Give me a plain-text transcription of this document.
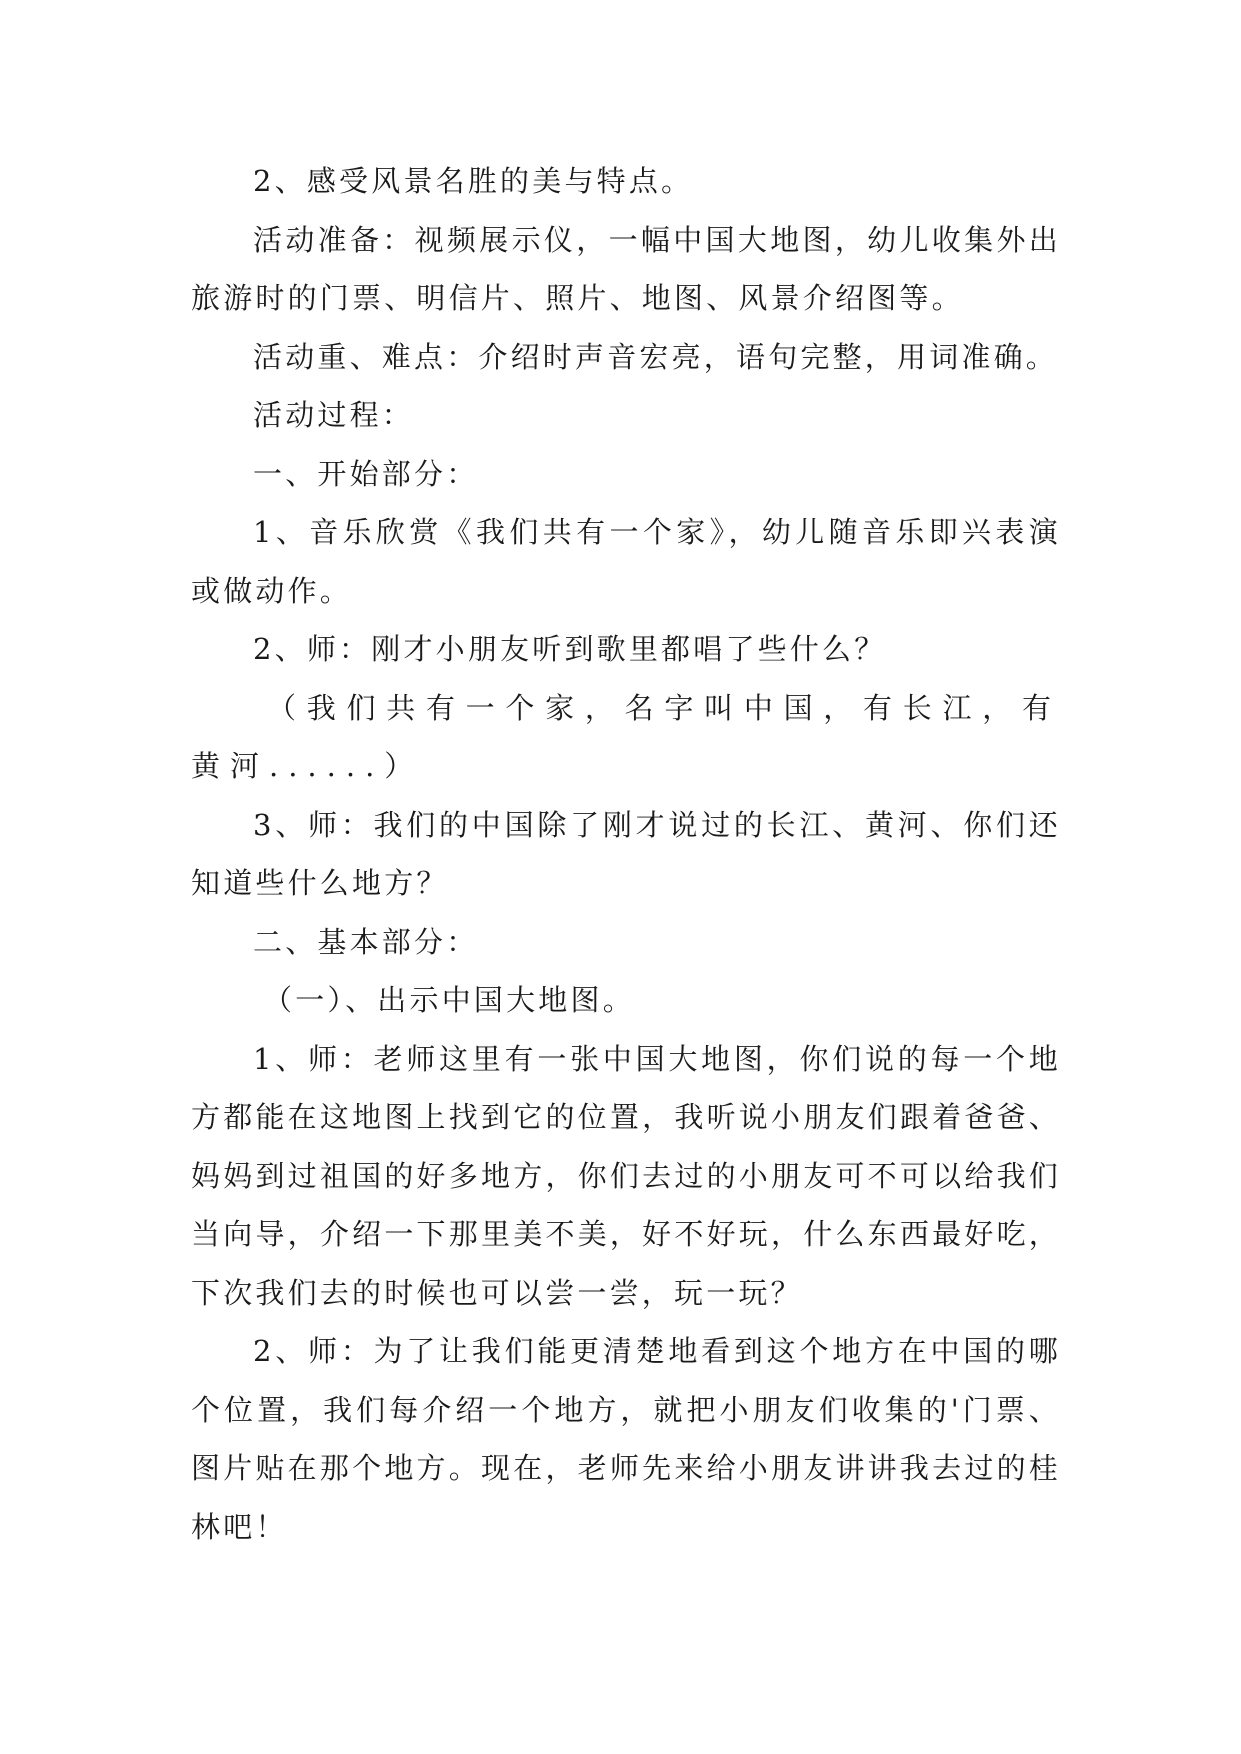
2、感受风景名胜的美与特点。

活动准备：视频展示仪，一幅中国大地图，幼儿收集外出旅游时的门票、明信片、照片、地图、风景介绍图等。

活动重、难点：介绍时声音宏亮，语句完整，用词准确。

活动过程：

一、开始部分：

1、音乐欣赏《我们共有一个家》，幼儿随音乐即兴表演或做动作。

2、师：刚才小朋友听到歌里都唱了些什么？

（我们共有一个家，名字叫中国，有长江，有黄河......）

3、师：我们的中国除了刚才说过的长江、黄河、你们还知道些什么地方？

二、基本部分：

（一）、出示中国大地图。

1、师：老师这里有一张中国大地图，你们说的每一个地方都能在这地图上找到它的位置，我听说小朋友们跟着爸爸、妈妈到过祖国的好多地方，你们去过的小朋友可不可以给我们当向导，介绍一下那里美不美，好不好玩，什么东西最好吃，下次我们去的时候也可以尝一尝，玩一玩？

2、师：为了让我们能更清楚地看到这个地方在中国的哪个位置，我们每介绍一个地方，就把小朋友们收集的'门票、图片贴在那个地方。现在，老师先来给小朋友讲讲我去过的桂林吧！
